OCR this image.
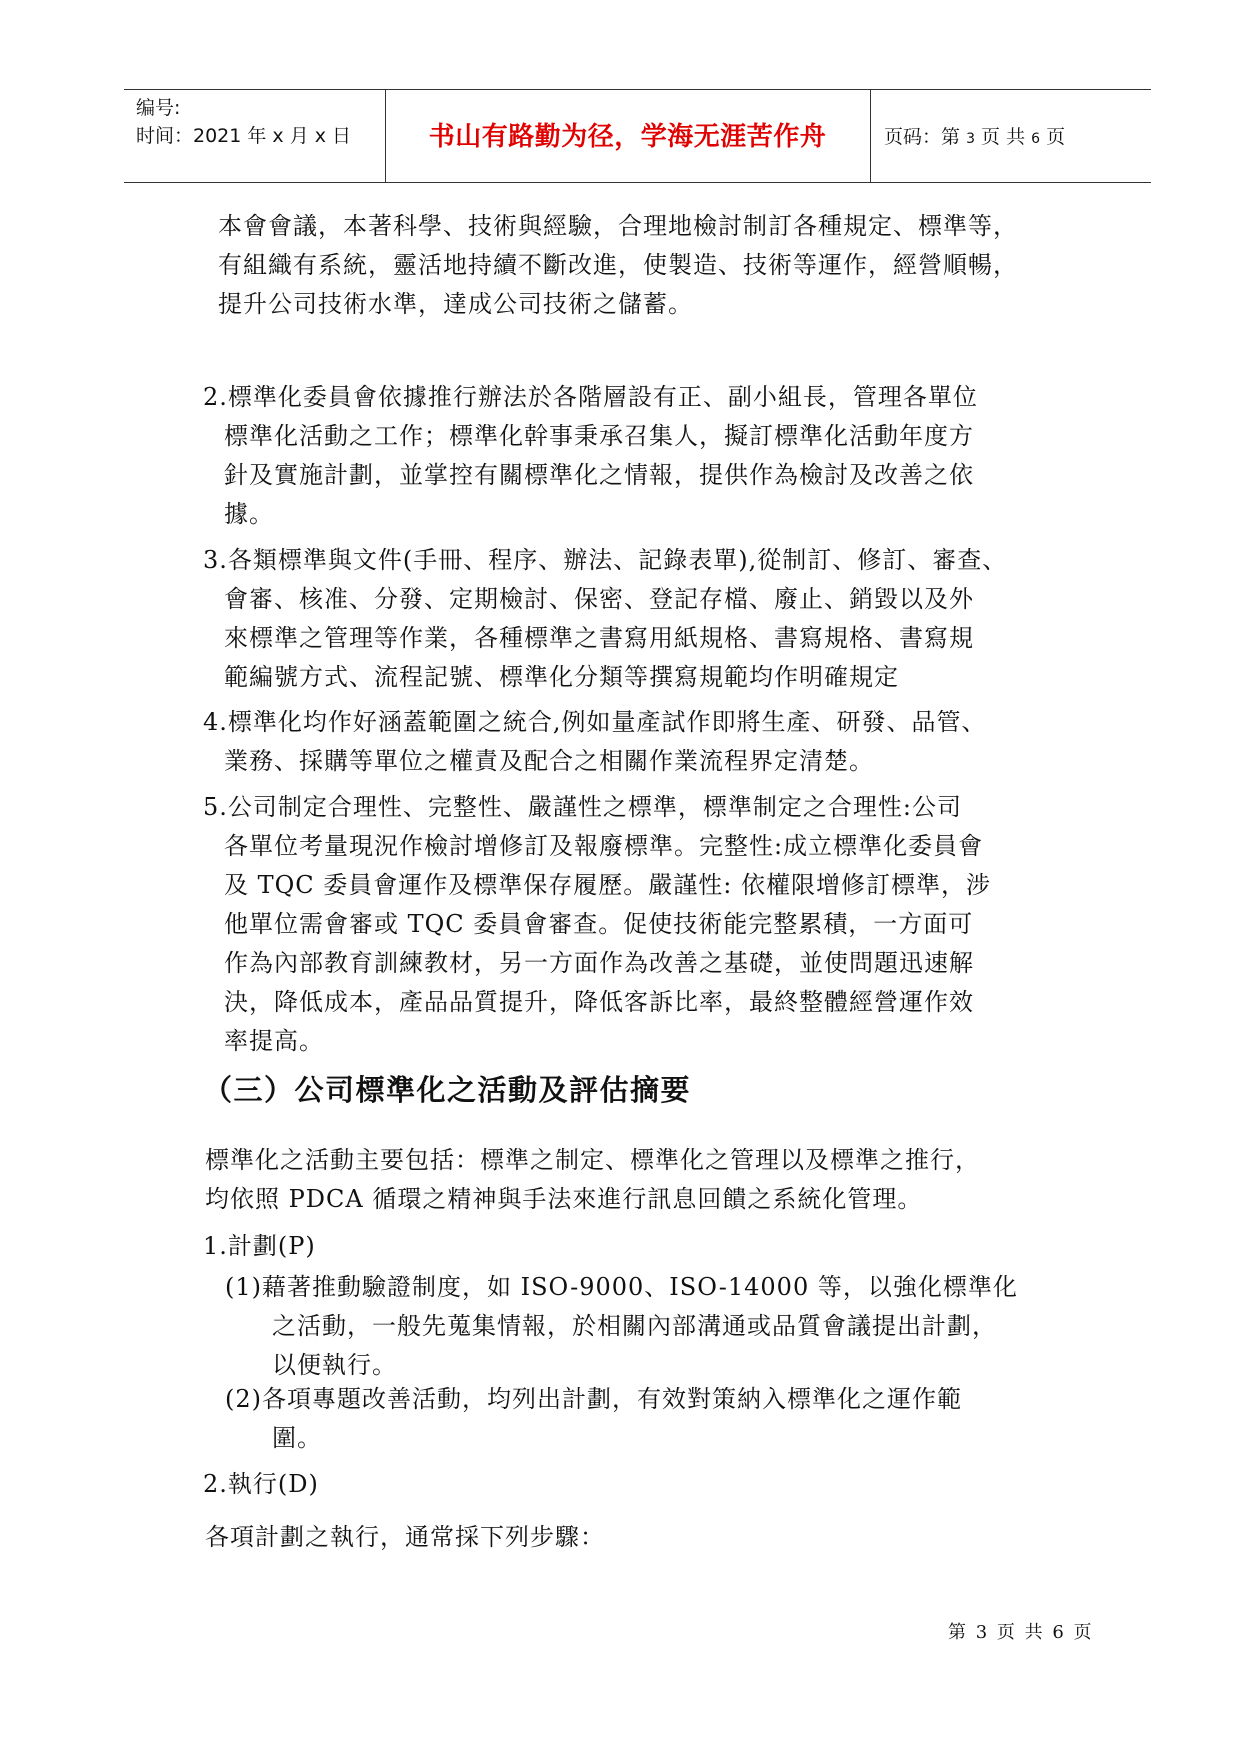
编号:
时间：2021 年 x 月 x 日	书山有路勤为径，学海无涯苦作舟	页码：第 3 页 共 6 页
本會會議，本著科學、技術與經驗，合理地檢討制訂各種規定、標準等，
有組織有系統，靈活地持續不斷改進，使製造、技術等運作，經營順暢，
提升公司技術水準，達成公司技術之儲蓄。
2.標準化委員會依據推行辦法於各階層設有正、副小組長，管理各單位
標準化活動之工作；標準化幹事秉承召集人，擬訂標準化活動年度方
針及實施計劃，並掌控有關標準化之情報，提供作為檢討及改善之依
據。
3.各類標準與文件(手冊、程序、辦法、記錄表單),從制訂、修訂、審查、
會審、核准、分發、定期檢討、保密、登記存檔、廢止、銷毀以及外
來標準之管理等作業，各種標準之書寫用紙規格、書寫規格、書寫規
範編號方式、流程記號、標準化分類等撰寫規範均作明確規定
4.標準化均作好涵蓋範圍之統合,例如量產試作即將生產、研發、品管、
業務、採購等單位之權責及配合之相關作業流程界定清楚。
5.公司制定合理性、完整性、嚴謹性之標準，標準制定之合理性:公司
各單位考量現況作檢討增修訂及報廢標準。完整性:成立標準化委員會
及 TQC 委員會運作及標準保存履歷。嚴謹性: 依權限增修訂標準，涉
他單位需會審或 TQC 委員會審查。促使技術能完整累積，一方面可
作為內部教育訓練教材，另一方面作為改善之基礎，並使問題迅速解
決，降低成本，產品品質提升，降低客訴比率，最終整體經營運作效
率提高。
（三）公司標準化之活動及評估摘要
標準化之活動主要包括：標準之制定、標準化之管理以及標準之推行，
均依照 PDCA 循環之精神與手法來進行訊息回饋之系統化管理。
1.計劃(P)
(1)藉著推動驗證制度，如 ISO-9000、ISO-14000 等，以強化標準化
之活動，一般先蒐集情報，於相關內部溝通或品質會議提出計劃，
以便執行。
(2)各項專題改善活動，均列出計劃，有效對策納入標準化之運作範
圍。
2.執行(D)
各項計劃之執行，通常採下列步驟：
第 3 页 共 6 页
